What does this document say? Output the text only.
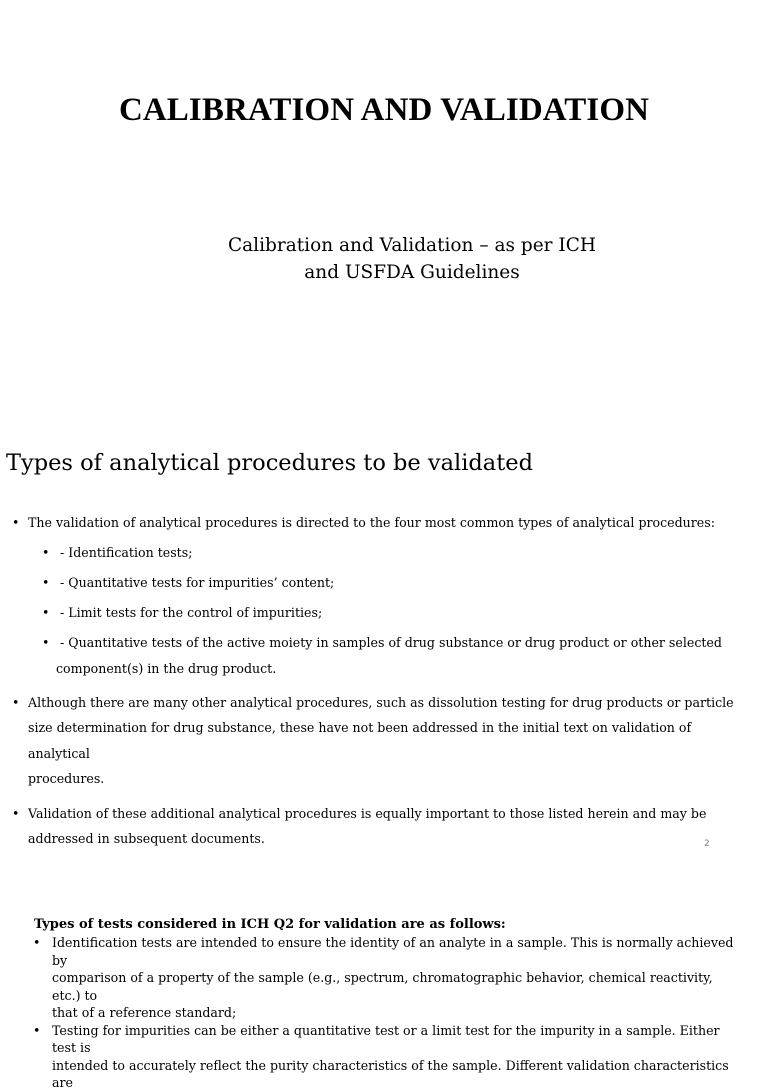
CALIBRATION AND VALIDATION
Calibration and Validation – as per ICH
and USFDA Guidelines
Types of analytical procedures to be validated
• The validation of analytical procedures is directed to the four most common types of analytical procedures:
• - Identification tests;
• - Quantitative tests for impurities’ content;
• - Limit tests for the control of impurities;
• - Quantitative tests of the active moiety in samples of drug substance or drug product or other selected
component(s) in the drug product.
• Although there are many other analytical procedures, such as dissolution testing for drug products or particle
size determination for drug substance, these have not been addressed in the initial text on validation of analytical
procedures.
• Validation of these additional analytical procedures is equally important to those listed herein and may be
addressed in subsequent documents.	2
Types of tests considered in ICH Q2 for validation are as follows:
• Identification tests are intended to ensure the identity of an analyte in a sample. This is normally achieved by
comparison of a property of the sample (e.g., spectrum, chromatographic behavior, chemical reactivity, etc.) to
that of a reference standard;
• Testing for impurities can be either a quantitative test or a limit test for the impurity in a sample. Either test is
intended to accurately reflect the purity characteristics of the sample. Different validation characteristics are
